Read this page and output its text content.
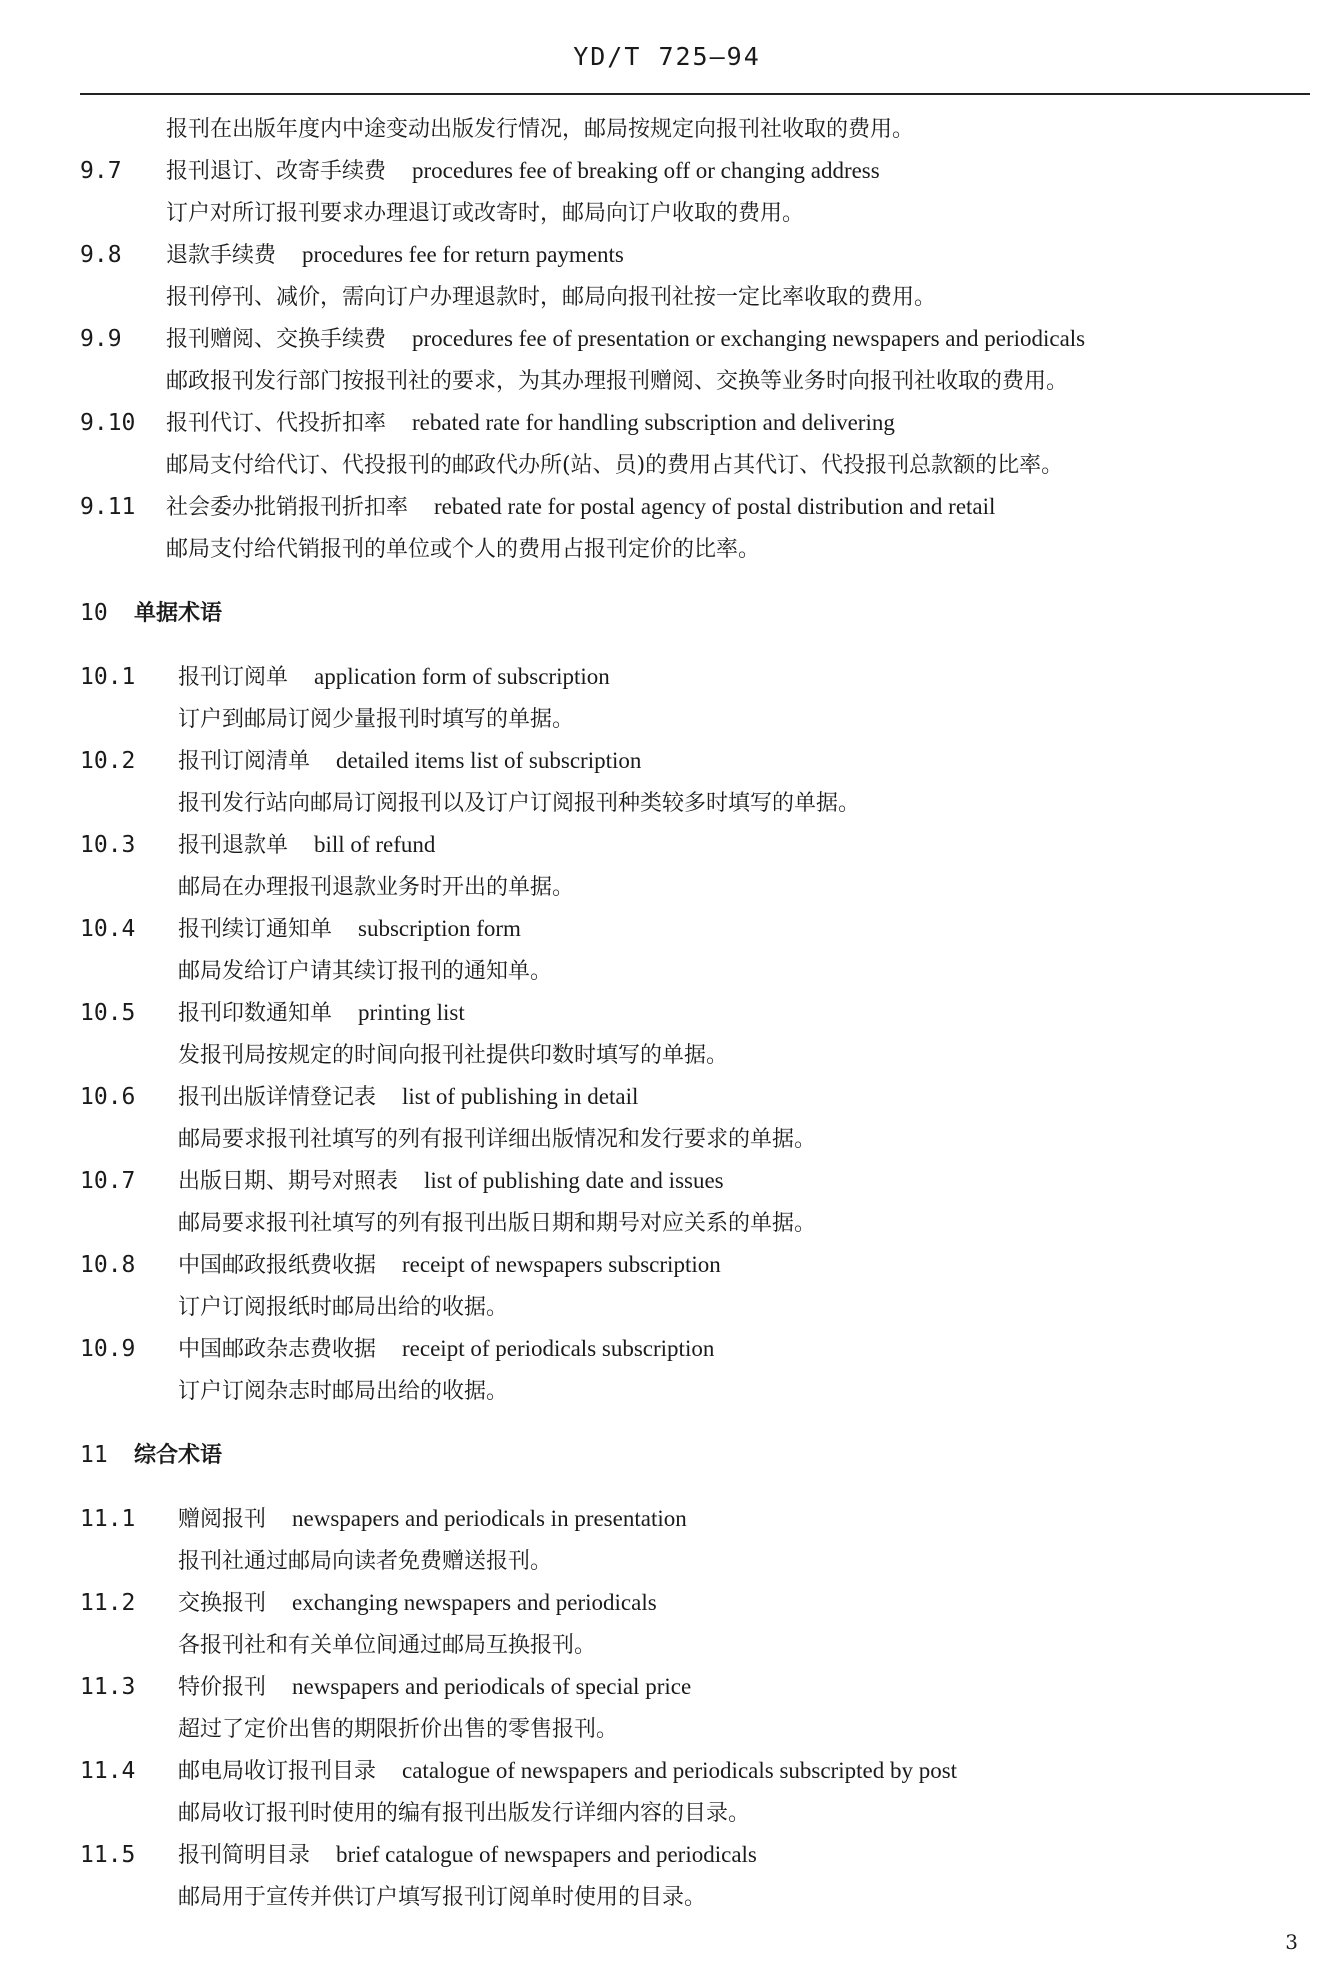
YD/T 725—94
报刊在出版年度内中途变动出版发行情况，邮局按规定向报刊社收取的费用。
9.7	报刊退订、改寄手续费 procedures fee of breaking off or changing address
订户对所订报刊要求办理退订或改寄时，邮局向订户收取的费用。
9.8	退款手续费 procedures fee for return payments
报刊停刊、减价，需向订户办理退款时，邮局向报刊社按一定比率收取的费用。
9.9	报刊赠阅、交换手续费 procedures fee of presentation or exchanging newspapers and periodicals
邮政报刊发行部门按报刊社的要求，为其办理报刊赠阅、交换等业务时向报刊社收取的费用。
9.10	报刊代订、代投折扣率 rebated rate for handling subscription and delivering
邮局支付给代订、代投报刊的邮政代办所(站、员)的费用占其代订、代投报刊总款额的比率。
9.11	社会委办批销报刊折扣率 rebated rate for postal agency of postal distribution and retail
邮局支付给代销报刊的单位或个人的费用占报刊定价的比率。
10	单据术语
10.1	报刊订阅单 application form of subscription
订户到邮局订阅少量报刊时填写的单据。
10.2	报刊订阅清单 detailed items list of subscription
报刊发行站向邮局订阅报刊以及订户订阅报刊种类较多时填写的单据。
10.3	报刊退款单 bill of refund
邮局在办理报刊退款业务时开出的单据。
10.4	报刊续订通知单 subscription form
邮局发给订户请其续订报刊的通知单。
10.5	报刊印数通知单 printing list
发报刊局按规定的时间向报刊社提供印数时填写的单据。
10.6	报刊出版详情登记表 list of publishing in detail
邮局要求报刊社填写的列有报刊详细出版情况和发行要求的单据。
10.7	出版日期、期号对照表 list of publishing date and issues
邮局要求报刊社填写的列有报刊出版日期和期号对应关系的单据。
10.8	中国邮政报纸费收据 receipt of newspapers subscription
订户订阅报纸时邮局出给的收据。
10.9	中国邮政杂志费收据 receipt of periodicals subscription
订户订阅杂志时邮局出给的收据。
11	综合术语
11.1	赠阅报刊 newspapers and periodicals in presentation
报刊社通过邮局向读者免费赠送报刊。
11.2	交换报刊 exchanging newspapers and periodicals
各报刊社和有关单位间通过邮局互换报刊。
11.3	特价报刊 newspapers and periodicals of special price
超过了定价出售的期限折价出售的零售报刊。
11.4	邮电局收订报刊目录 catalogue of newspapers and periodicals subscripted by post
邮局收订报刊时使用的编有报刊出版发行详细内容的目录。
11.5	报刊简明目录 brief catalogue of newspapers and periodicals
邮局用于宣传并供订户填写报刊订阅单时使用的目录。
3
